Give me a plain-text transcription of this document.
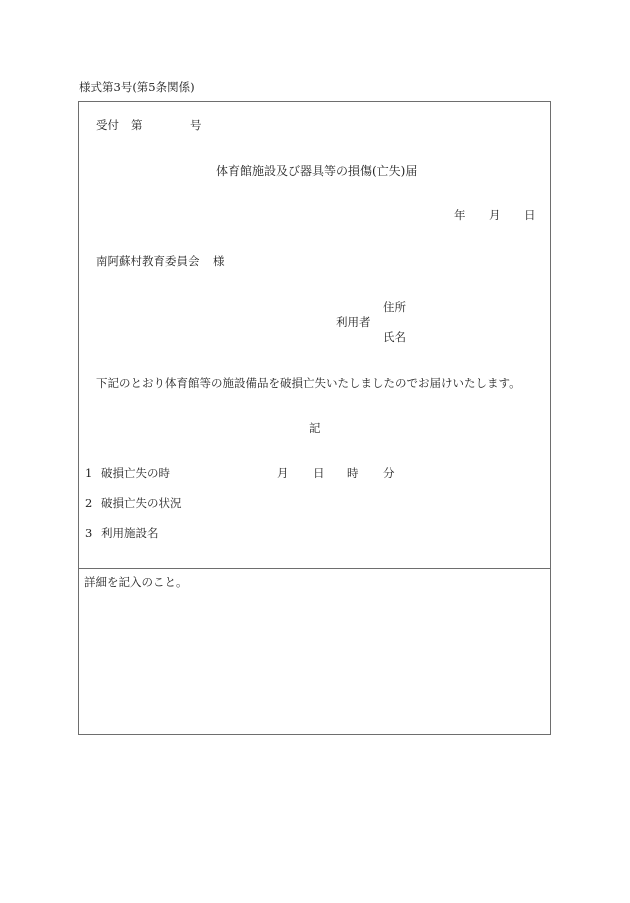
様式第3号(第5条関係)
受付 第	号
体育館施設及び器具等の損傷(亡失)届
年 月 日
南阿蘇村教育委員会 様
住所
利用者
氏名
下記のとおり体育館等の施設備品を破損亡失いたしましたのでお届けいたします。
記
1 破損亡失の時	月 日 時 分
2 破損亡失の状況
3 利用施設名
詳細を記入のこと。
